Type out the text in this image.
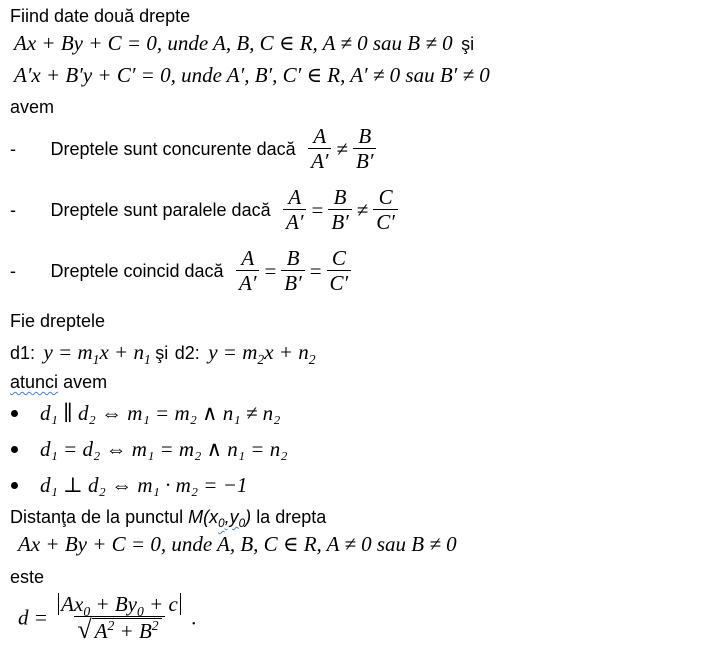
Fiind date două drepte
Ax + By + C = 0, unde A, B, C ∈ R, A ≠ 0 sau B ≠ 0 şi
A′x + B′y + C′ = 0, unde A′, B′, C′ ∈ R, A′ ≠ 0 sau B′ ≠ 0
avem
- Dreptele sunt concurente dacă $\frac{A}{A'} \ne \frac{B}{B'}$
- Dreptele sunt paralele dacă $\frac{A}{A'} = \frac{B}{B'} \ne \frac{C}{C'}$
- Dreptele coincid dacă $\frac{A}{A'} = \frac{B}{B'} = \frac{C}{C'}$
Fie dreptele
d1: $y = m_1x + n_1$ şi d2: $y = m_2x + n_2$
atunci avem
d₁ ∥ d₂ ⇔ m₁ = m₂ ∧ n₁ ≠ n₂
d₁ = d₂ ⇔ m₁ = m₂ ∧ n₁ = n₂
d₁ ⊥ d₂ ⇔ m₁ · m₂ = −1
Distanţa de la punctul $M(x_0,y_0)$ la drepta
Ax + By + C = 0, unde A, B, C ∈ R, A ≠ 0 sau B ≠ 0
este
$d = \frac{Ax_0 + By_0 + c}{√ A^2 + B^2}$ .
